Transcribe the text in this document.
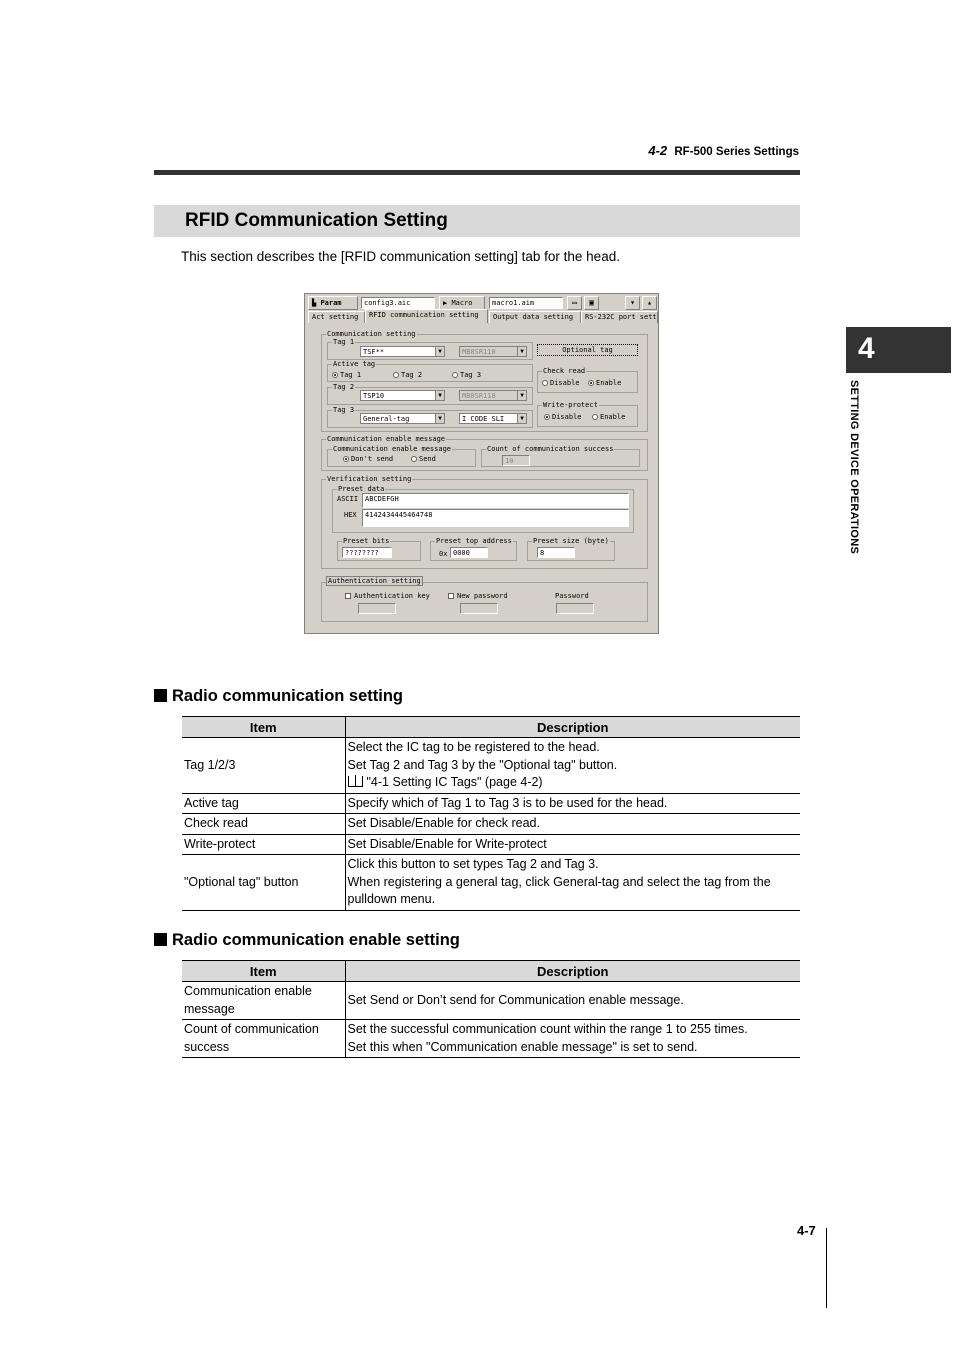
4-2 RF-500 Series Settings
4
SETTING DEVICE OPERATIONS
RFID Communication Setting
This section describes the [RFID communication setting] tab for the head.
▙ Param	config3.aic	▶ Macro	macro1.aim	▭	▣	▾	▴
Act setting	RFID communication setting	Output data setting	RS-232C port sett
Communication setting
Tag 1
TSF**	▼	MB8SR118	▼	Optional tag
Active tag
Tag 1	Tag 2	Tag 3	Check read
Disable	Enable
Tag 2
TSP10	▼	MB8SR118	▼
Write-protect
Disable	Enable
Tag 3
General-tag	▼	I CODE SLI	▼
Communication enable message
Communication enable message
Don't send	Send
Count of communication success
10
Verification setting
Preset data
ASCII ABCDEFGH
HEX	4142434445464748
Preset bits
????????
Preset top address
0x 0000
Preset size (byte)
8
Authentication setting
Authentication key	New password	Password
Radio communication setting
Item	Description
Tag 1/2/3	Select the IC tag to be registered to the head.
Set Tag 2 and Tag 3 by the "Optional tag" button.
"4-1 Setting IC Tags" (page 4-2)

Active tag	Specify which of Tag 1 to Tag 3 is to be used for the head.
Check read	Set Disable/Enable for check read.
Write-protect	Set Disable/Enable for Write-protect
"Optional tag" button	Click this button to set types Tag 2 and Tag 3.
When registering a general tag, click General-tag and select the tag from the pulldown menu.
Radio communication enable setting
Item	Description
Communication enable message	Set Send or Don’t send for Communication enable message.
Count of communication success	Set the successful communication count within the range 1 to 255 times.
Set this when "Communication enable message" is set to send.
4-7
